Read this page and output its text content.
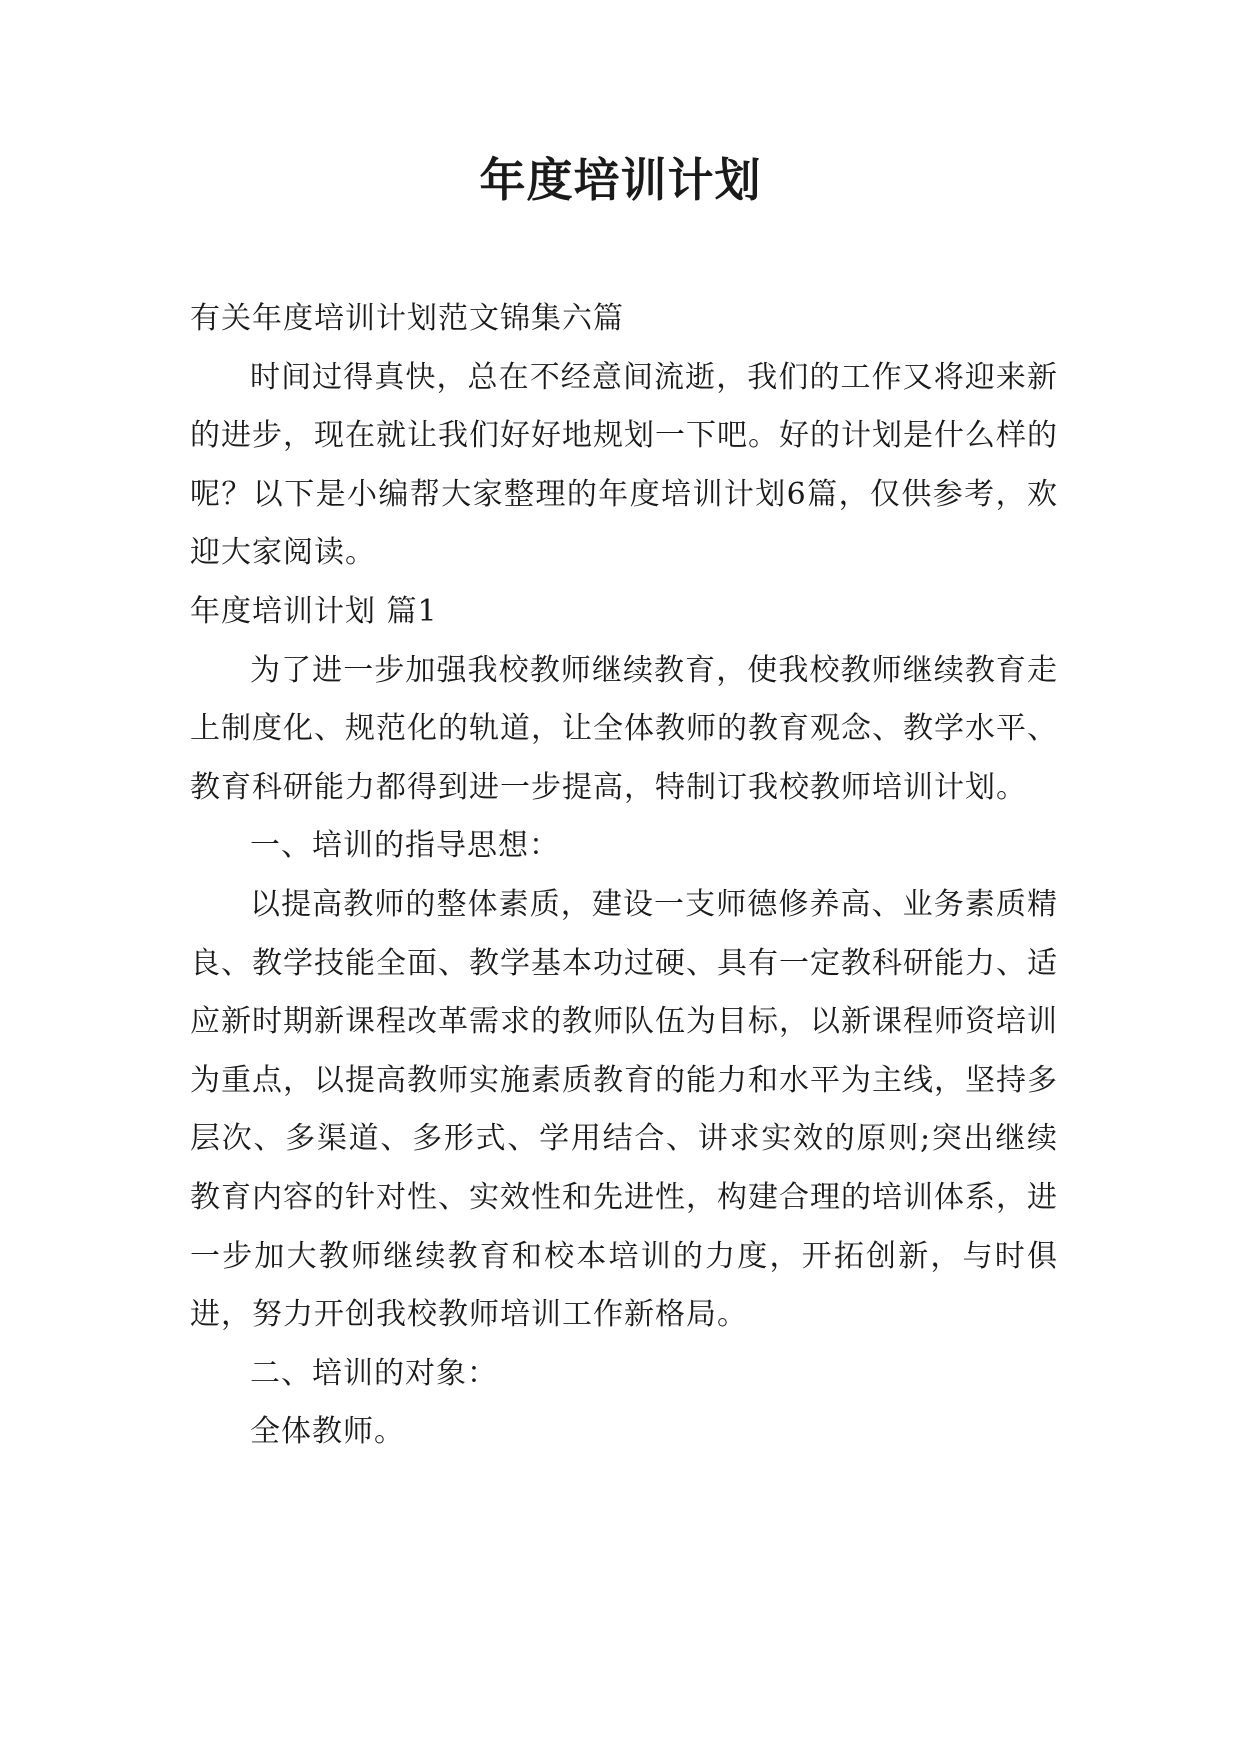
年度培训计划

有关年度培训计划范文锦集六篇

时间过得真快，总在不经意间流逝，我们的工作又将迎来新的进步，现在就让我们好好地规划一下吧。好的计划是什么样的呢？以下是小编帮大家整理的年度培训计划6篇，仅供参考，欢迎大家阅读。

年度培训计划 篇1

为了进一步加强我校教师继续教育，使我校教师继续教育走上制度化、规范化的轨道，让全体教师的教育观念、教学水平、教育科研能力都得到进一步提高，特制订我校教师培训计划。

一、培训的指导思想：

以提高教师的整体素质，建设一支师德修养高、业务素质精良、教学技能全面、教学基本功过硬、具有一定教科研能力、适应新时期新课程改革需求的教师队伍为目标，以新课程师资培训为重点，以提高教师实施素质教育的能力和水平为主线，坚持多层次、多渠道、多形式、学用结合、讲求实效的原则;突出继续教育内容的针对性、实效性和先进性，构建合理的培训体系，进一步加大教师继续教育和校本培训的力度，开拓创新，与时俱进，努力开创我校教师培训工作新格局。

二、培训的对象：

全体教师。
